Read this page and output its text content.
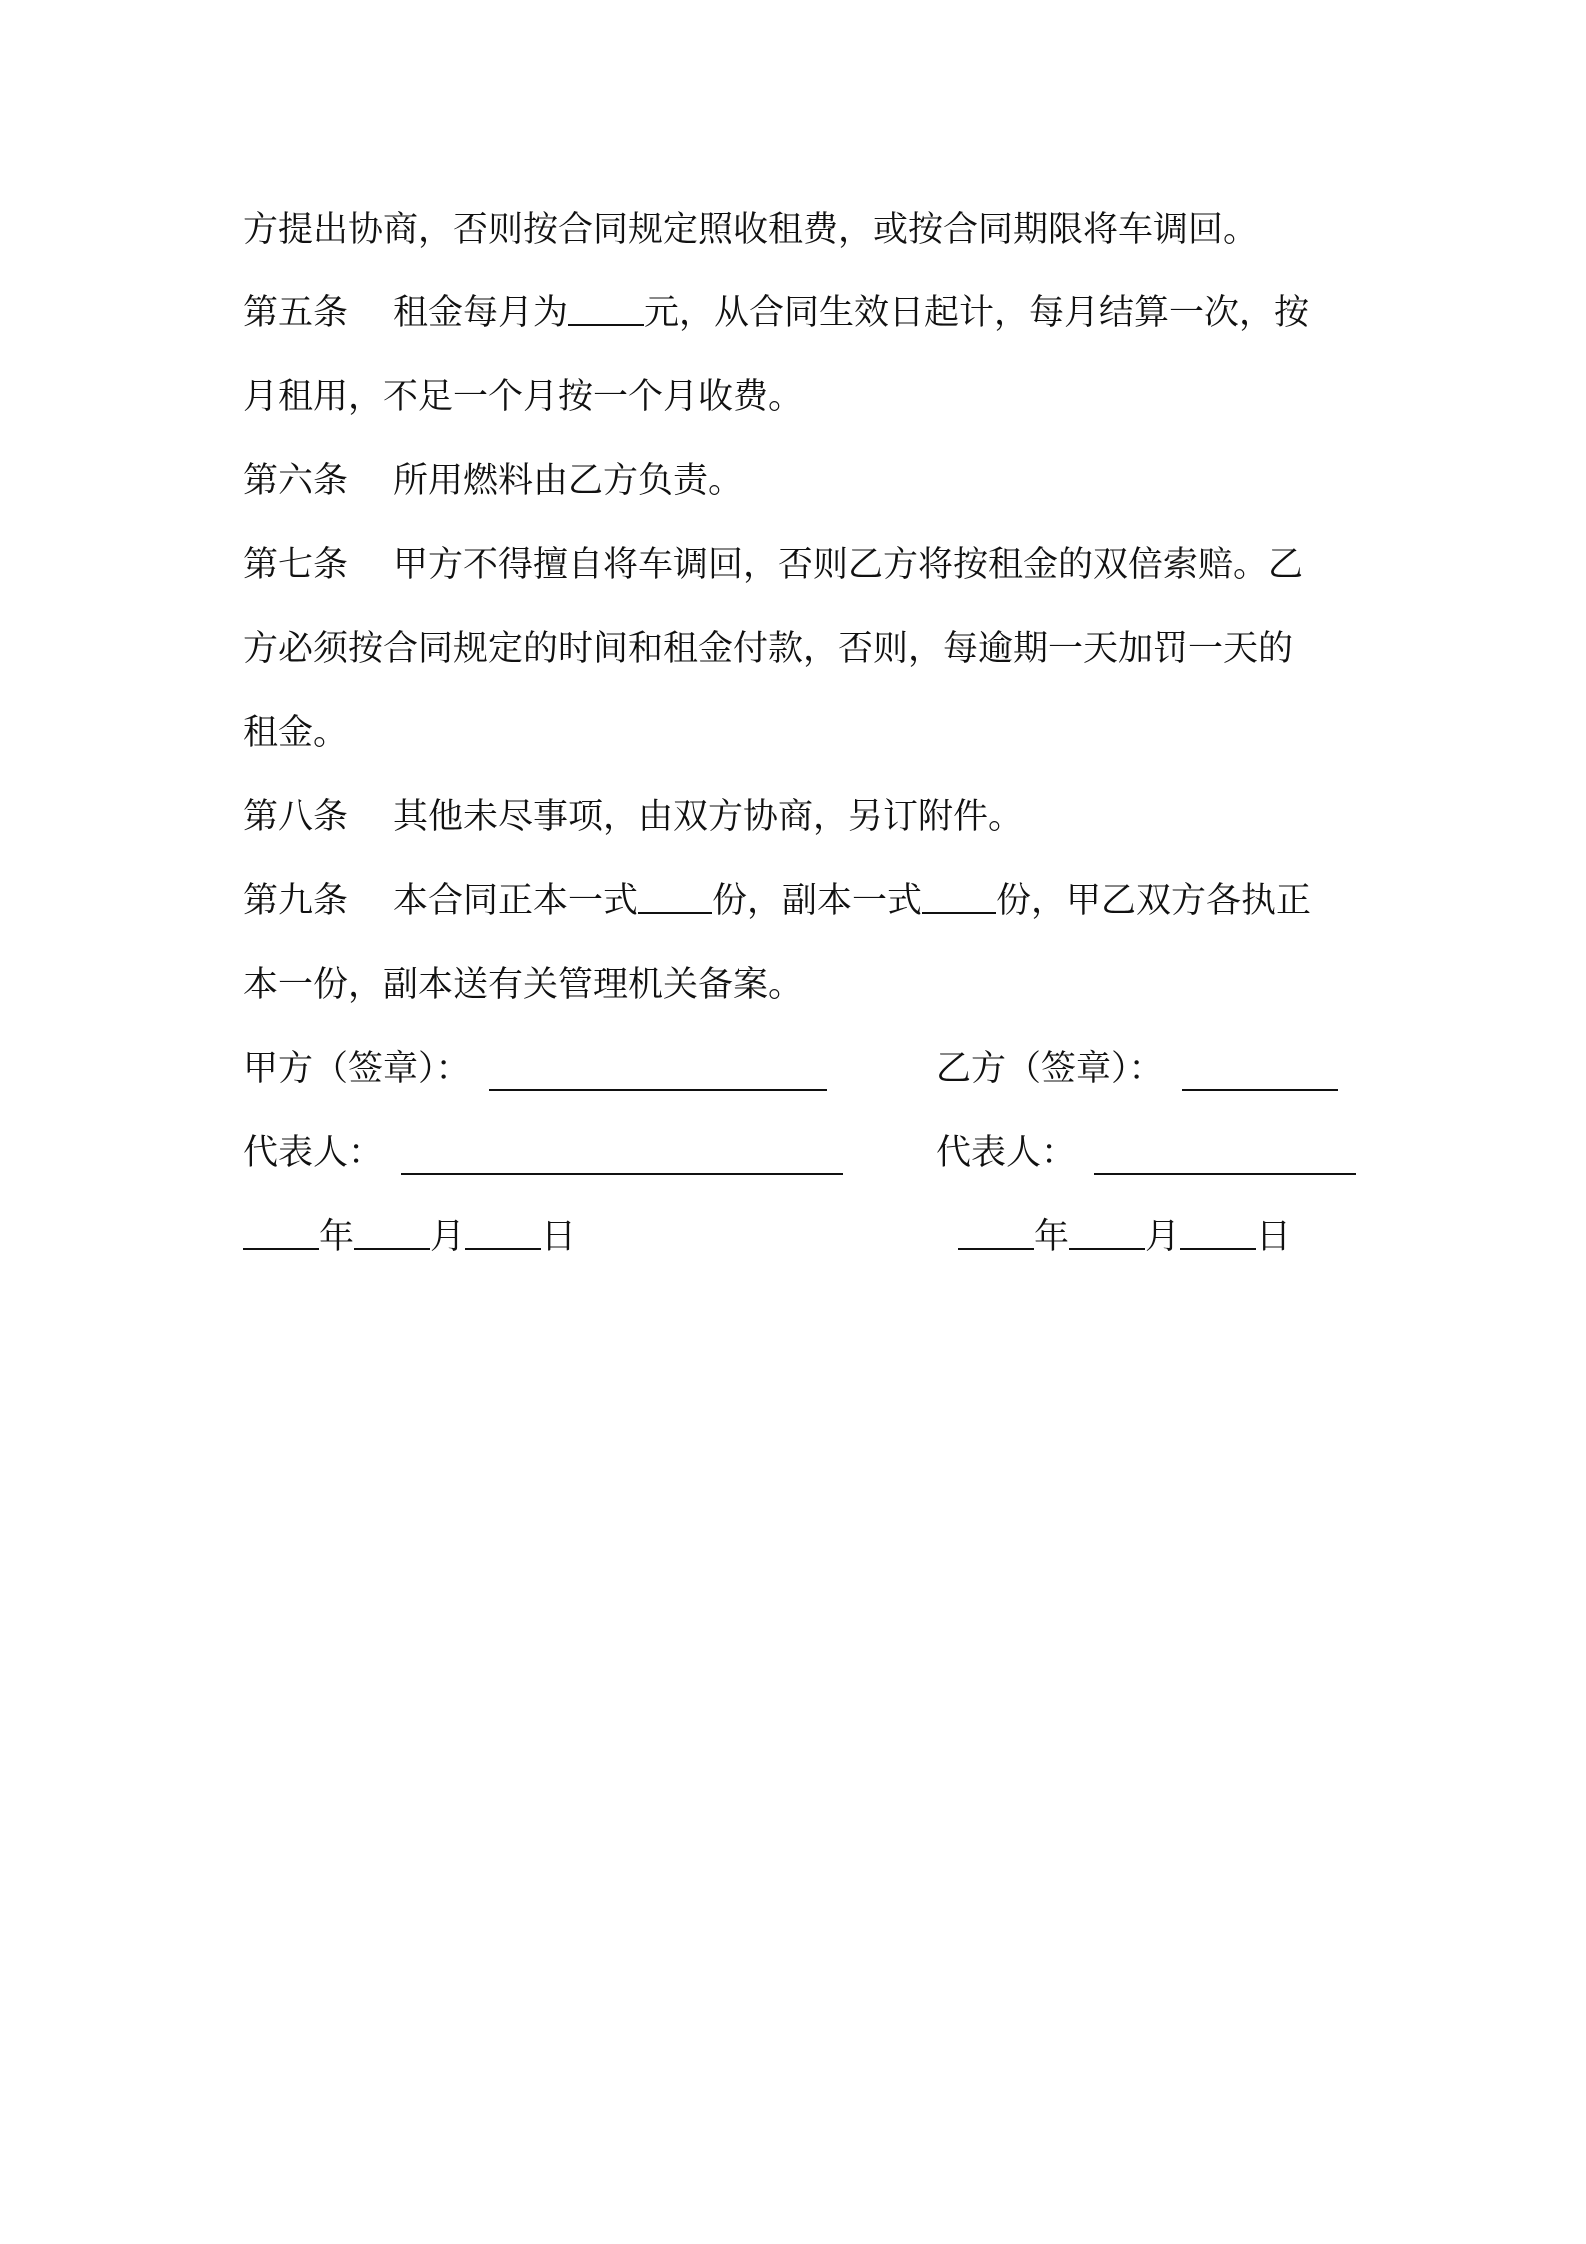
方提出协商，否则按合同规定照收租费，或按合同期限将车调回。
第五条 租金每月为 元，从合同生效日起计，每月结算一次，按
月租用，不足一个月按一个月收费。
第六条 所用燃料由乙方负责。
第七条 甲方不得擅自将车调回，否则乙方将按租金的双倍索赔。乙
方必须按合同规定的时间和租金付款，否则，每逾期一天加罚一天的
租金。
第八条 其他未尽事项，由双方协商，另订附件。
第九条 本合同正本一式 份，副本一式 份，甲乙双方各执正
本一份，副本送有关管理机关备案。
甲方（签章）：	乙方（签章）：
代表人：	代表人：
年 月 日	年 月 日
